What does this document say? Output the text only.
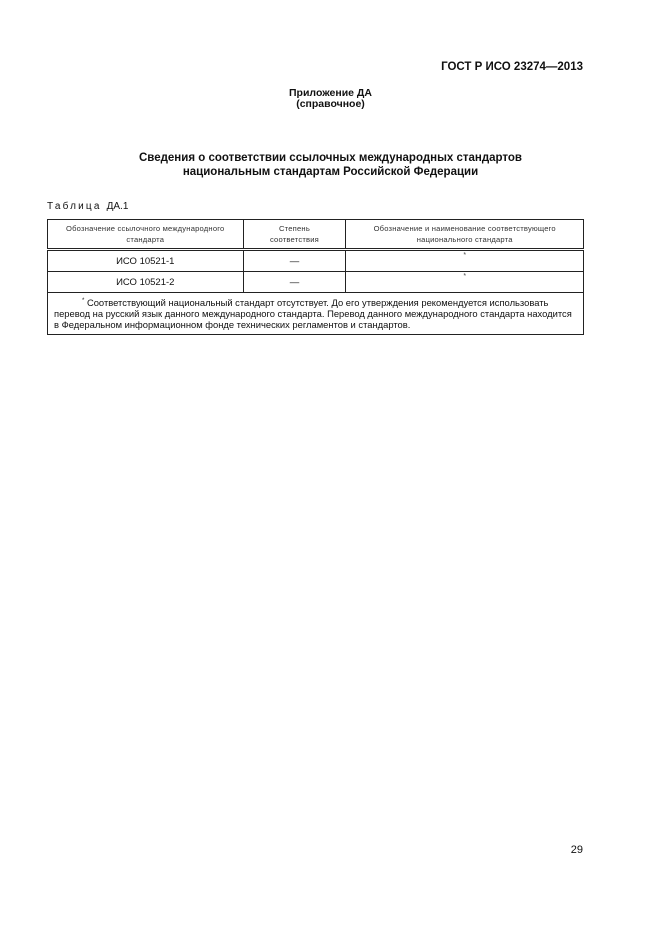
ГОСТ Р ИСО 23274—2013
Приложение ДА
(справочное)
Сведения о соответствии ссылочных международных стандартов
национальным стандартам Российской Федерации
Таблица ДА.1
Обозначение ссылочного международного стандарта	Степень соответствия	Обозначение и наименование соответствующего национального стандарта
ИСО 10521-1	—	*
ИСО 10521-2	—	*
* Соответствующий национальный стандарт отсутствует. До его утверждения рекомендуется использовать перевод на русский язык данного международного стандарта. Перевод данного международного стандарта находится в Федеральном информационном фонде технических регламентов и стандартов.		
29
